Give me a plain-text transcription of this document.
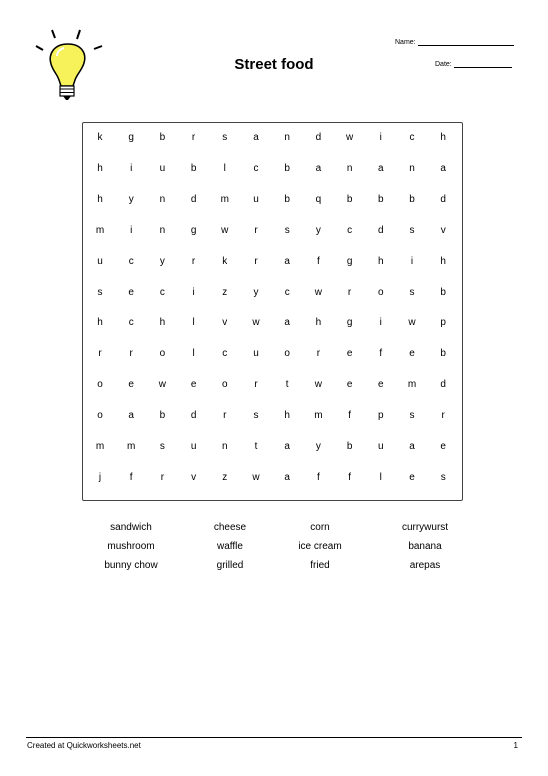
Street food
Name:
Date:
k	g	b	r	s	a	n	d	w	i	c	h
h	i	u	b	l	c	b	a	n	a	n	a
h	y	n	d	m	u	b	q	b	b	b	d
m	i	n	g	w	r	s	y	c	d	s	v
u	c	y	r	k	r	a	f	g	h	i	h
s	e	c	i	z	y	c	w	r	o	s	b
h	c	h	l	v	w	a	h	g	i	w	p
r	r	o	l	c	u	o	r	e	f	e	b
o	e	w	e	o	r	t	w	e	e	m	d
o	a	b	d	r	s	h	m	f	p	s	r
m	m	s	u	n	t	a	y	b	u	a	e
j	f	r	v	z	w	a	f	f	l	e	s
sandwich	cheese	corn	currywurst
mushroom	waffle	ice cream	banana
bunny chow	grilled	fried	arepas
Created at Quickworksheets.net	1
